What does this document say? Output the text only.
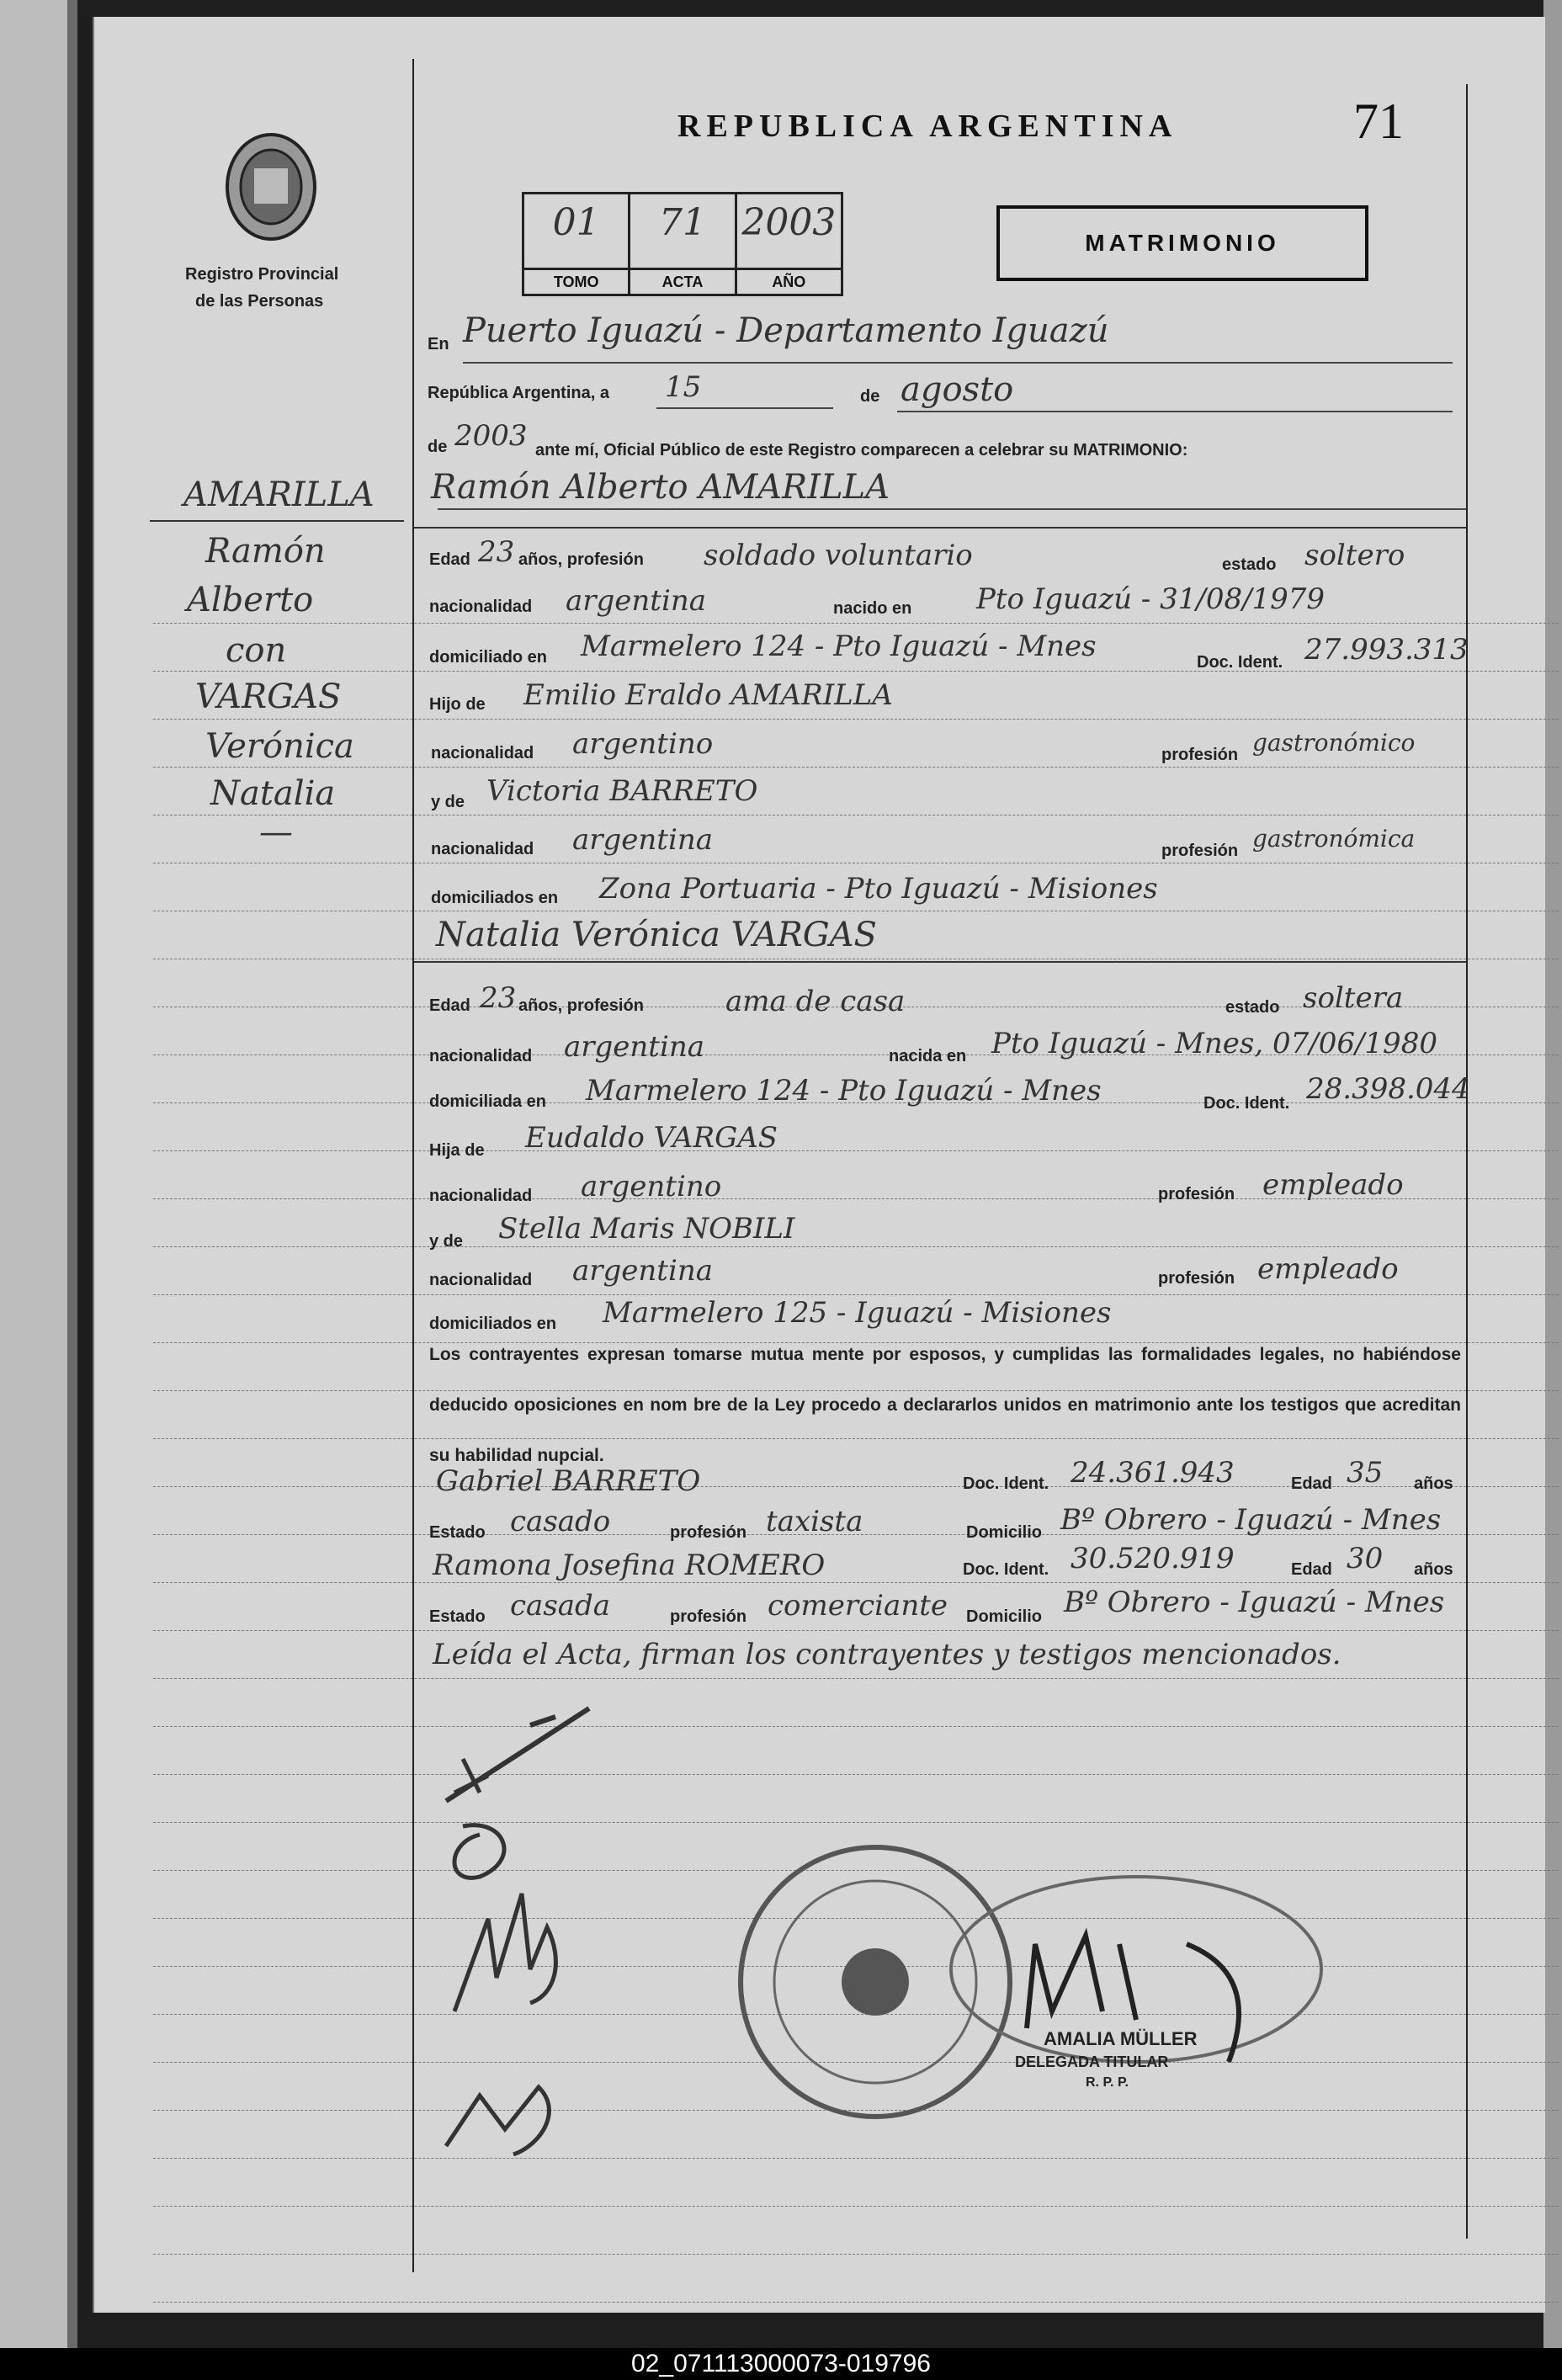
Registro Provincial
de las Personas
REPUBLICA ARGENTINA	71
01
TOMO
71
ACTA
2003
AÑO
MATRIMONIO
AMARILLA
Ramón
Alberto
con
VARGAS
Verónica
Natalia
—
En Puerto Iguazú - Departamento Iguazú
República Argentina, a 15	de agosto
de 2003 ante mí, Oficial Público de este Registro comparecen a celebrar su MATRIMONIO:
Ramón Alberto AMARILLA
Edad 23 años, profesión soldado voluntario	estado soltero
nacionalidad argentina	nacido en Pto Iguazú - 31/08/1979
domiciliado en Marmelero 124 - Pto Iguazú - Mnes	Doc. Ident. 27.993.313
Hijo de Emilio Eraldo AMARILLA
nacionalidad argentino	profesión gastronómico
y de Victoria BARRETO
nacionalidad argentina	profesión gastronómica
domiciliados en Zona Portuaria - Pto Iguazú - Misiones
Natalia Verónica VARGAS
Edad 23 años, profesión	ama de casa	estado soltera
nacionalidad argentina	nacida en Pto Iguazú - Mnes, 07/06/1980
domiciliada en Marmelero 124 - Pto Iguazú - Mnes	Doc. Ident. 28.398.044
Hija de Eudaldo VARGAS
nacionalidad argentino	profesión empleado
y de Stella Maris NOBILI
nacionalidad argentina	profesión empleado
domiciliados en Marmelero 125 - Iguazú - Misiones
Los contrayentes expresan tomarse mutua mente por esposos, y cumplidas las formalidades legales, no habiéndose deducido oposiciones en nom bre de la Ley procedo a declararlos unidos en matrimonio ante los testigos que acreditan su habilidad nupcial.
Gabriel BARRETO	Doc. Ident. 24.361.943	Edad 35 años
Estado casado	profesión taxista	Domicilio Bº Obrero - Iguazú - Mnes
Ramona Josefina ROMERO	Doc. Ident. 30.520.919	Edad 30 años
Estado casada	profesión comerciante Domicilio Bº Obrero - Iguazú - Mnes
Leída el Acta, firman los contrayentes y testigos mencionados.
AMALIA MÜLLER
DELEGADA TITULAR
R. P. P.
02_071113000073-019796
